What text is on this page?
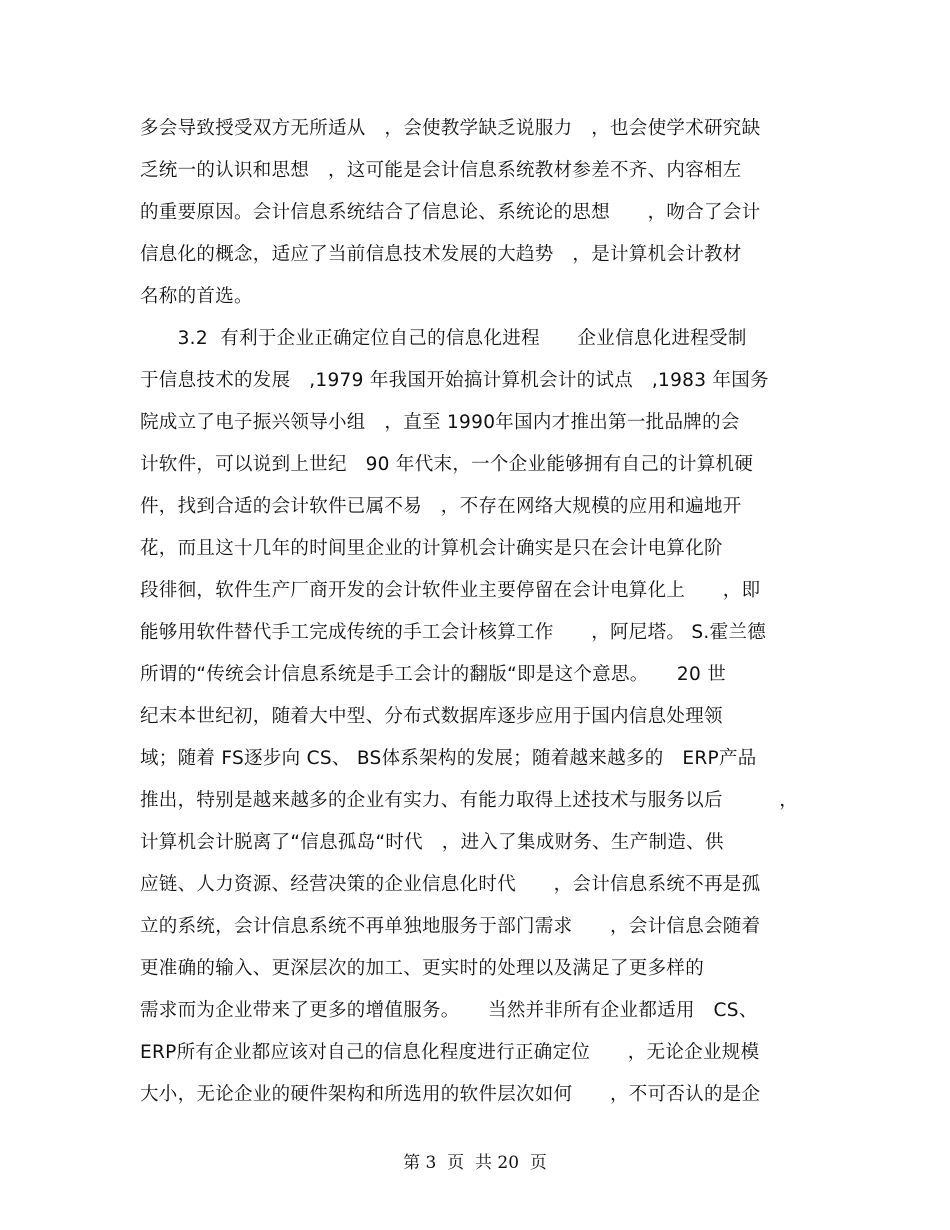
多会导致授受双方无所适从　，会使教学缺乏说服力　，也会使学术研究缺
乏统一的认识和思想　，这可能是会计信息系统教材参差不齐、内容相左
的重要原因。会计信息系统结合了信息论、系统论的思想　　，吻合了会计
信息化的概念，适应了当前信息技术发展的大趋势　，是计算机会计教材
名称的首选。
　　3.2  有利于企业正确定位自己的信息化进程　　企业信息化进程受制
于信息技术的发展　,1979 年我国开始搞计算机会计的试点　,1983 年国务
院成立了电子振兴领导小组　，直至 1990年国内才推出第一批品牌的会
计软件，可以说到上世纪　90 年代末，一个企业能够拥有自己的计算机硬
件，找到合适的会计软件已属不易　，不存在网络大规模的应用和遍地开
花，而且这十几年的时间里企业的计算机会计确实是只在会计电算化阶
段徘徊，软件生产厂商开发的会计软件业主要停留在会计电算化上　　，即
能够用软件替代手工完成传统的手工会计核算工作　　，阿尼塔。 S.霍兰德
所谓的“传统会计信息系统是手工会计的翻版“即是这个意思。　　20 世
纪末本世纪初，随着大中型、分布式数据库逐步应用于国内信息处理领
域；随着 FS逐步向 CS、 BS体系架构的发展；随着越来越多的　ERP产品
推出，特别是越来越多的企业有实力、有能力取得上述技术与服务以后　　　，
计算机会计脱离了“信息孤岛“时代　，进入了集成财务、生产制造、供
应链、人力资源、经营决策的企业信息化时代　　，会计信息系统不再是孤
立的系统，会计信息系统不再单独地服务于部门需求　　，会计信息会随着
更准确的输入、更深层次的加工、更实时的处理以及满足了更多样的
需求而为企业带来了更多的增值服务。　　当然并非所有企业都适用　CS、
ERP所有企业都应该对自己的信息化程度进行正确定位　　，无论企业规模
大小，无论企业的硬件架构和所选用的软件层次如何　　，不可否认的是企
第 3  页  共 20  页
